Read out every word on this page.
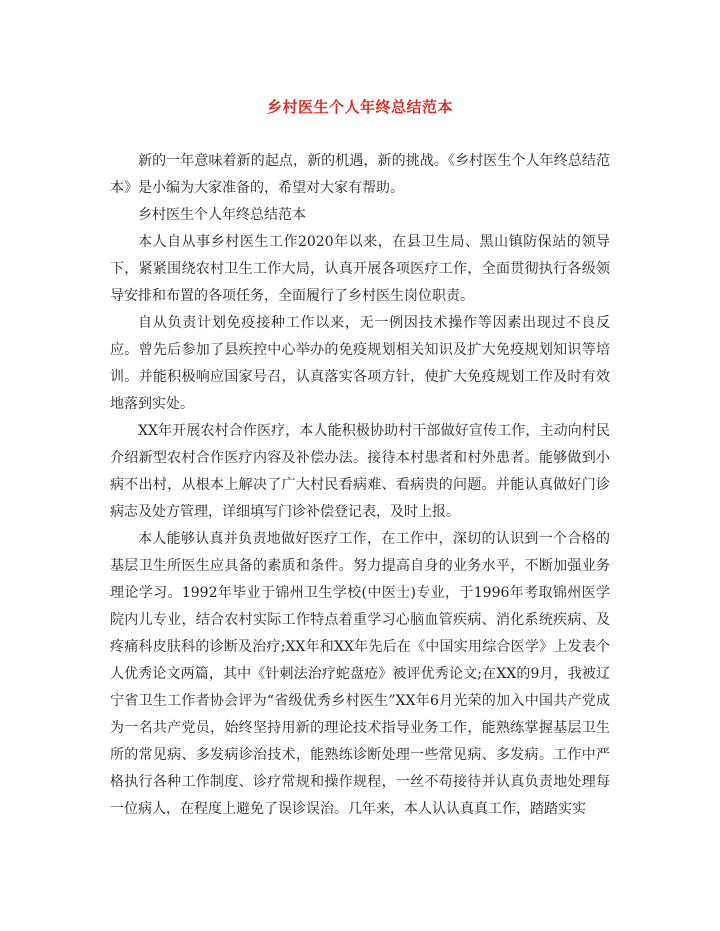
乡村医生个人年终总结范本

新的一年意味着新的起点，新的机遇，新的挑战。《乡村医生个人年终总结范本》是小编为大家准备的，希望对大家有帮助。

乡村医生个人年终总结范本

本人自从事乡村医生工作2020年以来，在县卫生局、黑山镇防保站的领导下，紧紧围绕农村卫生工作大局，认真开展各项医疗工作，全面贯彻执行各级领导安排和布置的各项任务，全面履行了乡村医生岗位职责。

自从负责计划免疫接种工作以来，无一例因技术操作等因素出现过不良反应。曾先后参加了县疾控中心举办的免疫规划相关知识及扩大免疫规划知识等培训。并能积极响应国家号召，认真落实各项方针，使扩大免疫规划工作及时有效地落到实处。

XX年开展农村合作医疗，本人能积极协助村干部做好宣传工作，主动向村民介绍新型农村合作医疗内容及补偿办法。接待本村患者和村外患者。能够做到小病不出村，从根本上解决了广大村民看病难、看病贵的问题。并能认真做好门诊病志及处方管理，详细填写门诊补偿登记表，及时上报。

本人能够认真并负责地做好医疗工作，在工作中，深切的认识到一个合格的基层卫生所医生应具备的素质和条件。努力提高自身的业务水平，不断加强业务理论学习。1992年毕业于锦州卫生学校(中医士)专业，于1996年考取锦州医学院内儿专业，结合农村实际工作特点着重学习心脑血管疾病、消化系统疾病、及疼痛科皮肤科的诊断及治疗;XX年和XX年先后在《中国实用综合医学》上发表个人优秀论文两篇，其中《针刺法治疗蛇盘疮》被评优秀论文;在XX的9月，我被辽宁省卫生工作者协会评为“省级优秀乡村医生”XX年6月光荣的加入中国共产党成为一名共产党员，始终坚持用新的理论技术指导业务工作，能熟练掌握基层卫生所的常见病、多发病诊治技术，能熟练诊断处理一些常见病、多发病。工作中严格执行各种工作制度、诊疗常规和操作规程，一丝不苟接待并认真负责地处理每一位病人，在程度上避免了误诊误治。几年来，本人认认真真工作，踏踏实实
